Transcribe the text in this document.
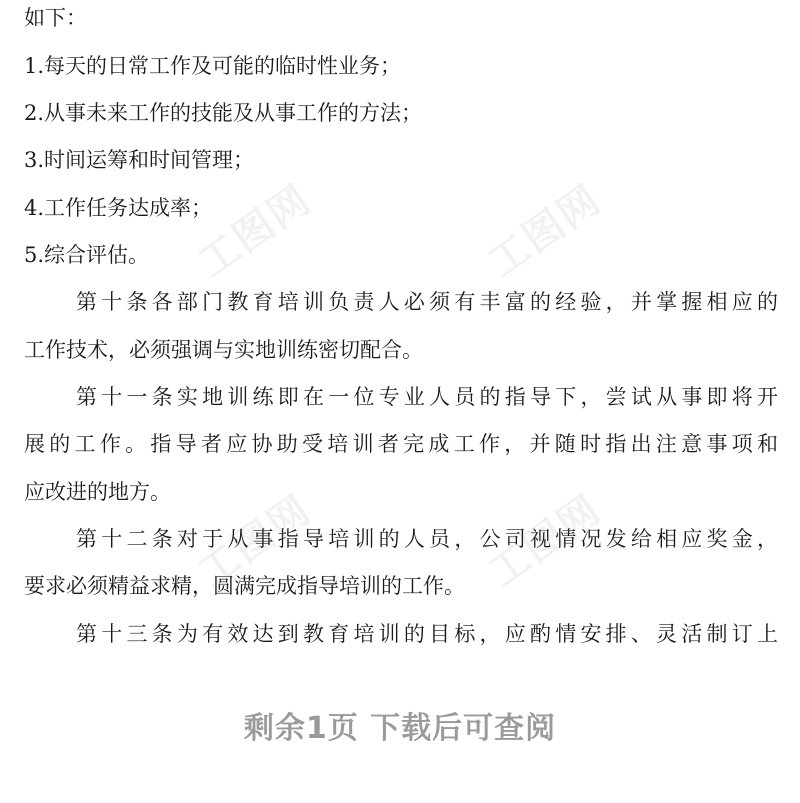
如下：
1.每天的日常工作及可能的临时性业务；
2.从事未来工作的技能及从事工作的方法；
3.时间运筹和时间管理；
4.工作任务达成率；
5.综合评估。
第十条各部门教育培训负责人必须有丰富的经验，并掌握相应的
工作技术，必须强调与实地训练密切配合。
第十一条实地训练即在一位专业人员的指导下，尝试从事即将开
展的工作。指导者应协助受培训者完成工作，并随时指出注意事项和
应改进的地方。
第十二条对于从事指导培训的人员，公司视情况发给相应奖金，
要求必须精益求精，圆满完成指导培训的工作。
第十三条为有效达到教育培训的目标，应酌情安排、灵活制订上
工图网	工图网
工图网	工图网
剩余1页 下载后可查阅
